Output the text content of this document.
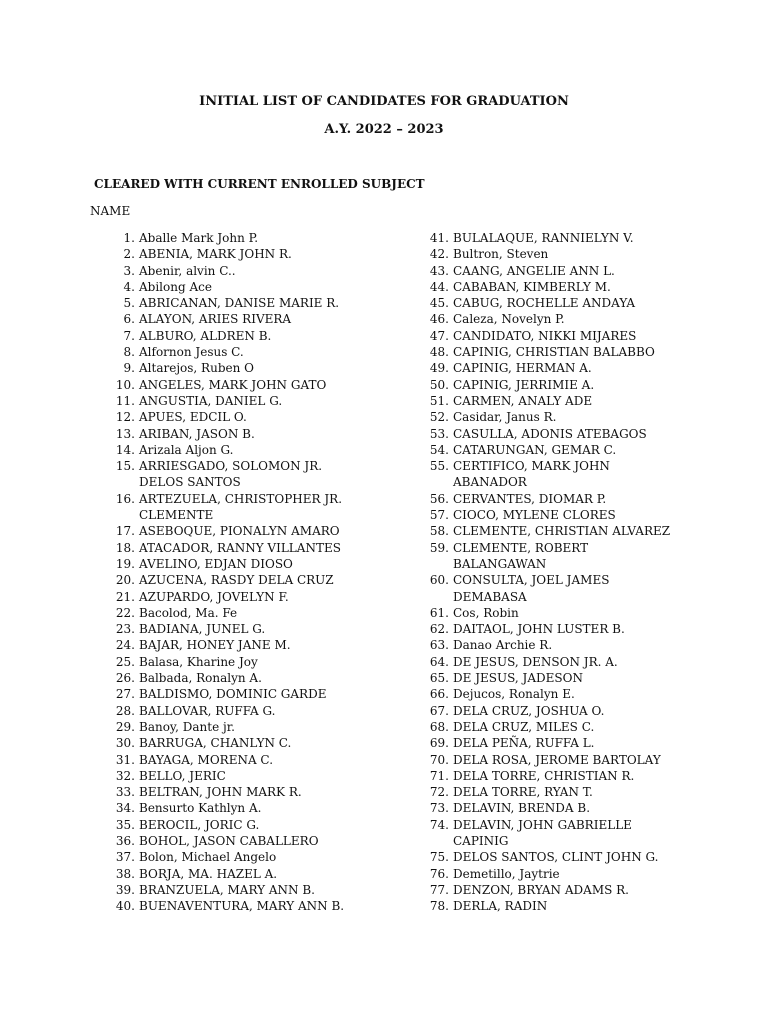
INITIAL LIST OF CANDIDATES FOR GRADUATION
A.Y. 2022 – 2023
CLEARED WITH CURRENT ENROLLED SUBJECT
NAME
1. Aballe Mark John P.
2. ABENIA, MARK JOHN R.
3. Abenir, alvin C..
4. Abilong Ace
5. ABRICANAN, DANISE MARIE R.
6. ALAYON, ARIES RIVERA
7. ALBURO, ALDREN B.
8. Alfornon Jesus C.
9. Altarejos, Ruben O
10. ANGELES, MARK JOHN GATO
11. ANGUSTIA, DANIEL G.
12. APUES, EDCIL O.
13. ARIBAN, JASON B.
14. Arizala Aljon G.
15. ARRIESGADO, SOLOMON JR.
DELOS SANTOS
16. ARTEZUELA, CHRISTOPHER JR.
CLEMENTE
17. ASEBOQUE, PIONALYN AMARO
18. ATACADOR, RANNY VILLANTES
19. AVELINO, EDJAN DIOSO
20. AZUCENA, RASDY DELA CRUZ
21. AZUPARDO, JOVELYN F.
22. Bacolod, Ma. Fe
23. BADIANA, JUNEL G.
24. BAJAR, HONEY JANE M.
25. Balasa, Kharine Joy
26. Balbada, Ronalyn A.
27. BALDISMO, DOMINIC GARDE
28. BALLOVAR, RUFFA G.
29. Banoy, Dante jr.
30. BARRUGA, CHANLYN C.
31. BAYAGA, MORENA C.
32. BELLO, JERIC
33. BELTRAN, JOHN MARK R.
34. Bensurto Kathlyn A.
35. BEROCIL, JORIC G.
36. BOHOL, JASON CABALLERO
37. Bolon, Michael Angelo
38. BORJA, MA. HAZEL A.
39. BRANZUELA, MARY ANN B.
40. BUENAVENTURA, MARY ANN B.
41. BULALAQUE, RANNIELYN V.
42. Bultron, Steven
43. CAANG, ANGELIE ANN L.
44. CABABAN, KIMBERLY M.
45. CABUG, ROCHELLE ANDAYA
46. Caleza, Novelyn P.
47. CANDIDATO, NIKKI MIJARES
48. CAPINIG, CHRISTIAN BALABBO
49. CAPINIG, HERMAN A.
50. CAPINIG, JERRIMIE A.
51. CARMEN, ANALY ADE
52. Casidar, Janus R.
53. CASULLA, ADONIS ATEBAGOS
54. CATARUNGAN, GEMAR C.
55. CERTIFICO, MARK JOHN
ABANADOR
56. CERVANTES, DIOMAR P.
57. CIOCO, MYLENE CLORES
58. CLEMENTE, CHRISTIAN ALVAREZ
59. CLEMENTE, ROBERT
BALANGAWAN
60. CONSULTA, JOEL JAMES
DEMABASA
61. Cos, Robin
62. DAITAOL, JOHN LUSTER B.
63. Danao Archie R.
64. DE JESUS, DENSON JR. A.
65. DE JESUS, JADESON
66. Dejucos, Ronalyn E.
67. DELA CRUZ, JOSHUA O.
68. DELA CRUZ, MILES C.
69. DELA PEÑA, RUFFA L.
70. DELA ROSA, JEROME BARTOLAY
71. DELA TORRE, CHRISTIAN R.
72. DELA TORRE, RYAN T.
73. DELAVIN, BRENDA B.
74. DELAVIN, JOHN GABRIELLE
CAPINIG
75. DELOS SANTOS, CLINT JOHN G.
76. Demetillo, Jaytrie
77. DENZON, BRYAN ADAMS R.
78. DERLA, RADIN
